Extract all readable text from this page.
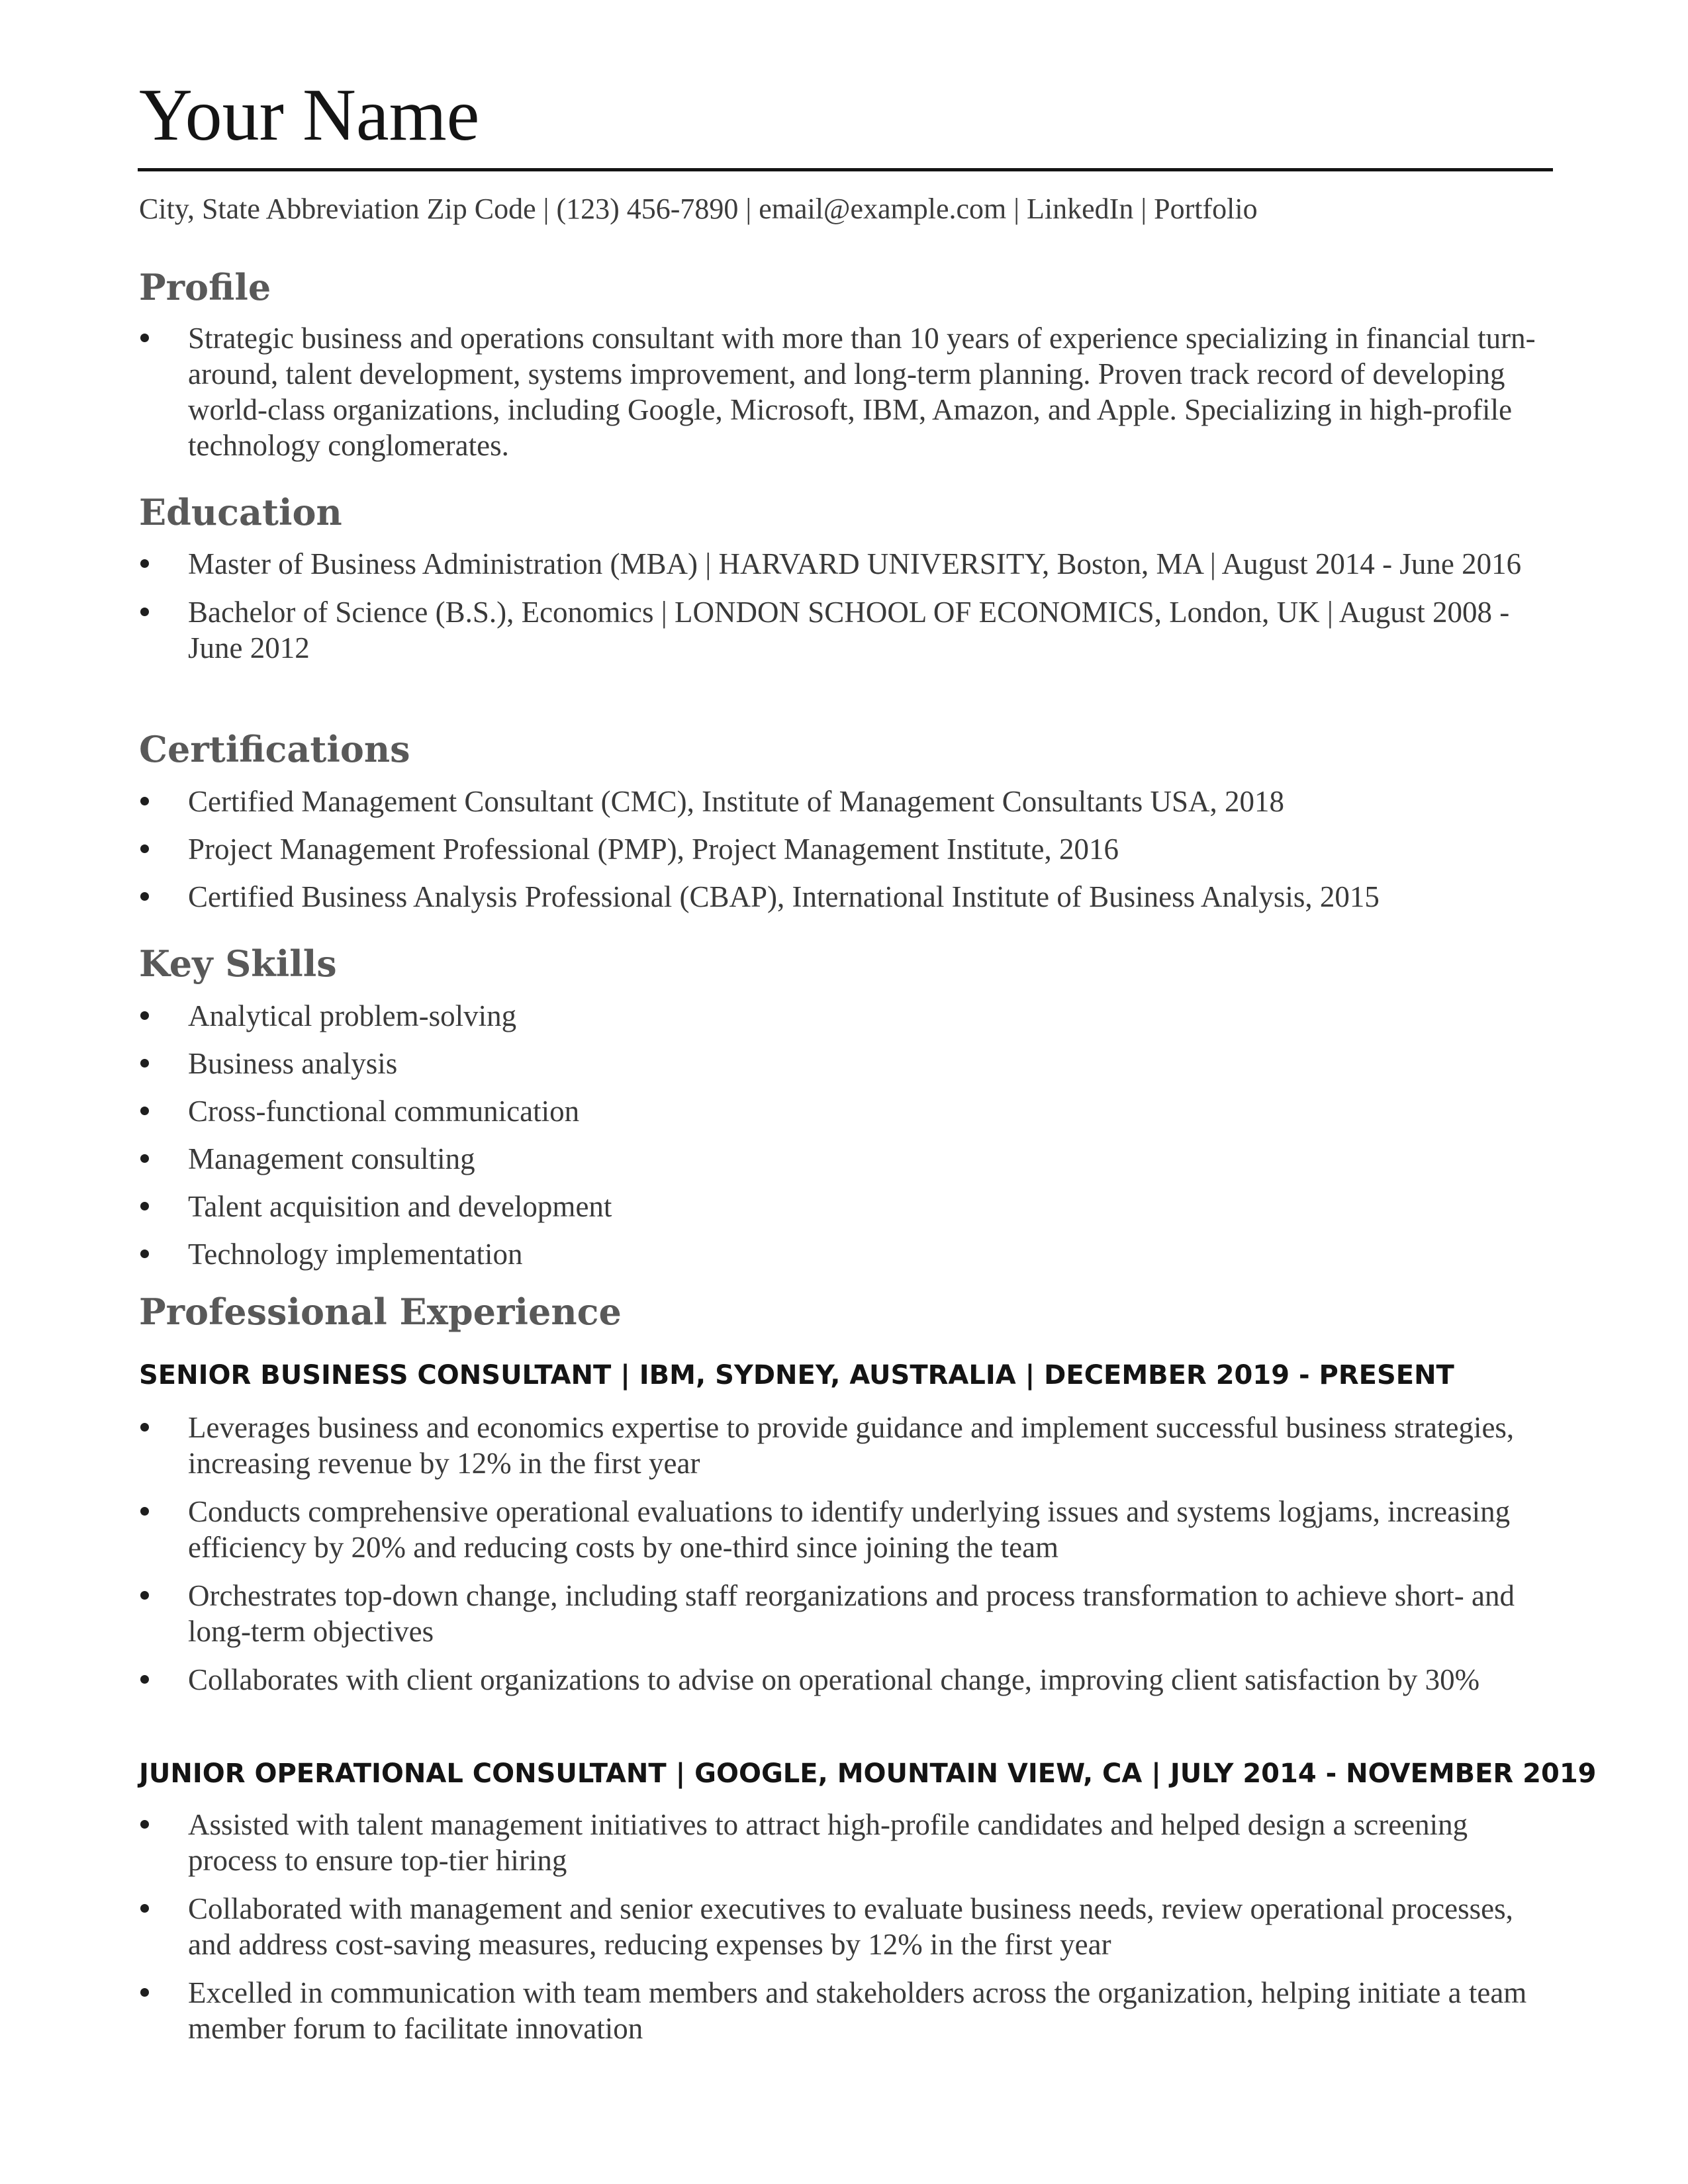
Your Name
City, State Abbreviation Zip Code | (123) 456-7890 | email@example.com | LinkedIn | Portfolio
Profile
Strategic business and operations consultant with more than 10 years of experience specializing in financial turn-around, talent development, systems improvement, and long-term planning. Proven track record of developing world-class organizations, including Google, Microsoft, IBM, Amazon, and Apple. Specializing in high-profile technology conglomerates.
Education
Master of Business Administration (MBA) | HARVARD UNIVERSITY, Boston, MA | August 2014 - June 2016
Bachelor of Science (B.S.), Economics | LONDON SCHOOL OF ECONOMICS, London, UK | August 2008 - June 2012
Certifications
Certified Management Consultant (CMC), Institute of Management Consultants USA, 2018
Project Management Professional (PMP), Project Management Institute, 2016
Certified Business Analysis Professional (CBAP), International Institute of Business Analysis, 2015
Key Skills
Analytical problem-solving
Business analysis
Cross-functional communication
Management consulting
Talent acquisition and development
Technology implementation
Professional Experience
SENIOR BUSINESS CONSULTANT | IBM, SYDNEY, AUSTRALIA | DECEMBER 2019 - PRESENT
Leverages business and economics expertise to provide guidance and implement successful business strategies, increasing revenue by 12% in the first year
Conducts comprehensive operational evaluations to identify underlying issues and systems logjams, increasing efficiency by 20% and reducing costs by one-third since joining the team
Orchestrates top-down change, including staff reorganizations and process transformation to achieve short- and long-term objectives
Collaborates with client organizations to advise on operational change, improving client satisfaction by 30%
JUNIOR OPERATIONAL CONSULTANT | GOOGLE, MOUNTAIN VIEW, CA | JULY 2014 - NOVEMBER 2019
Assisted with talent management initiatives to attract high-profile candidates and helped design a screening process to ensure top-tier hiring
Collaborated with management and senior executives to evaluate business needs, review operational processes, and address cost-saving measures, reducing expenses by 12% in the first year
Excelled in communication with team members and stakeholders across the organization, helping initiate a team member forum to facilitate innovation
